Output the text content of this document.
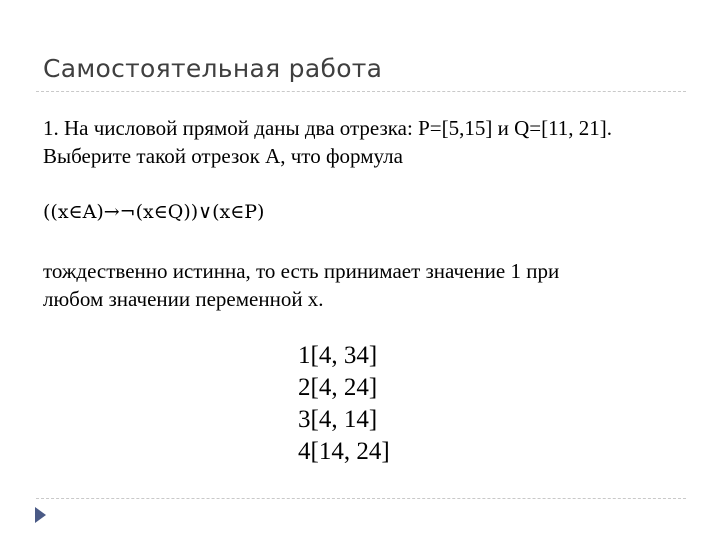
Самостоятельная работа
1. На числовой прямой даны два отрезка: P=[5,15] и Q=[11, 21].
Выберите такой отрезок А, что формула
((x∈A)→¬(x∈Q))∨(x∈P)
тождественно истинна, то есть принимает значение 1 при
любом значении переменной х.
1[4, 34]
2[4, 24]
3[4, 14]
4[14, 24]
